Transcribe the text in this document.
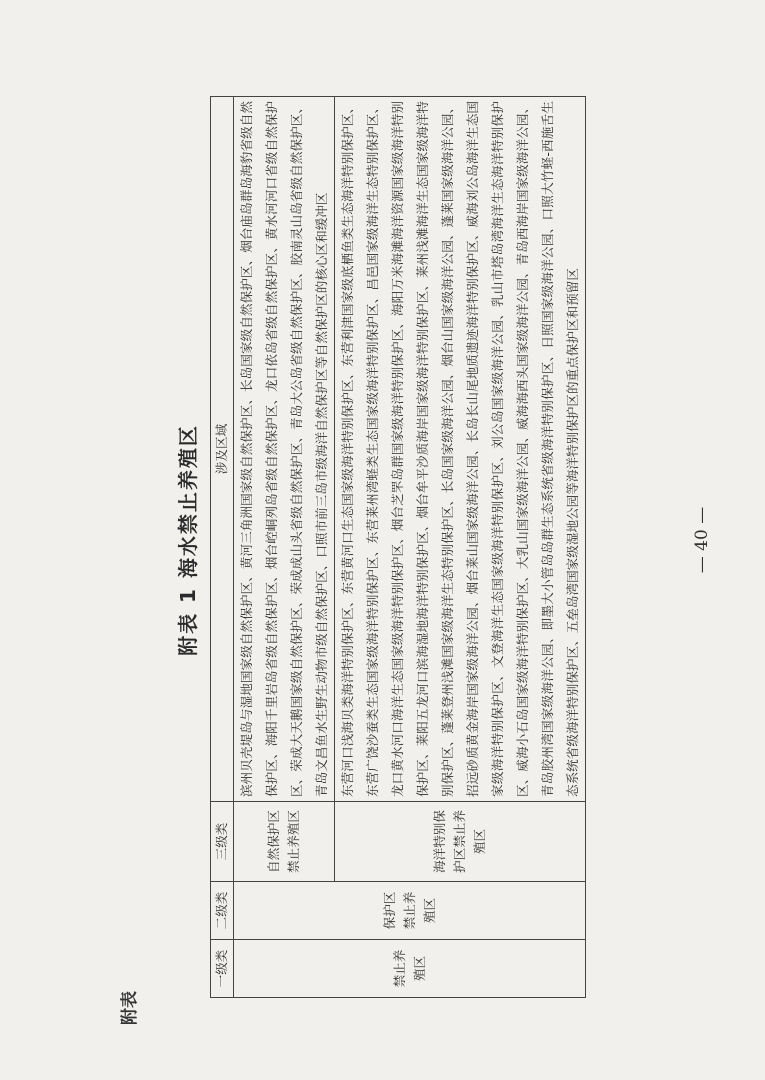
附表
附表 1 海水禁止养殖区
一级类	二级类	三级类	涉及区域
禁止养殖区	保护区禁止养殖区	自然保护区禁止养殖区	滨州贝壳堤岛与湿地国家级自然保护区、黄河三角洲国家级自然保护区、长岛国家级自然保护区、烟台庙岛群岛海豹省级自然保护区、海阳千里岩岛省级自然保护区、烟台崆峒列岛省级自然保护区、龙口依岛省级自然保护区、黄水河河口省级自然保护区、荣成大天鹅国家级自然保护区、荣成成山头省级自然保护区、青岛大公岛省级自然保护区、胶南灵山岛省级自然保护区、青岛文昌鱼水生野生动物市级自然保护区、口照市前三岛市级海洋自然保护区等自然保护区的核心区和缓冲区
		海洋特别保护区禁止养殖区	东营河口浅海贝类海洋特别保护区、东营黄河口生态国家级海洋特别保护区、东营利津国家级底栖鱼类生态海洋特别保护区、东营广饶沙蚕类生态国家级海洋特别保护区、东营莱州湾蛏类生态国家级海洋特别保护区、昌邑国家级海洋生态特别保护区、龙口黄水河口海洋生态国家级海洋特别保护区、烟台芝罘岛群国家级海洋特别保护区、海阳万米海滩海洋资源国家级海洋特别保护区、莱阳五龙河口滨海湿地海洋特别保护区、烟台牟平沙质海岸国家级海洋特别保护区、莱州浅滩海洋生态国家级海洋特别保护区、蓬莱登州浅滩国家级海洋生态特别保护区、长岛国家级海洋公园、烟台山国家级海洋公园、蓬莱国家级海洋公园、招远砂质黄金海岸国家级海洋公园、烟台莱山国家级海洋公园、长岛长山尾地质遗迹海洋特别保护区、威海刘公岛海洋生态国家级海洋特别保护区、文登海洋生态国家级海洋特别保护区、刘公岛国家级海洋公园、乳山市塔岛湾海洋生态海洋特别保护区、威海小石岛国家级海洋特别保护区、大乳山国家级海洋公园、威海海西头国家级海洋公园、青岛西海岸国家级海洋公园、青岛胶州湾国家级海洋公园、即墨大小管岛岛群生态系统省级海洋特别保护区、日照国家级海洋公园、口照大竹蛏-西施舌生态系统省级海洋特别保护区、五垒岛湾国家级湿地公园等海洋特别保护区的重点保护区和预留区	— 40 —
